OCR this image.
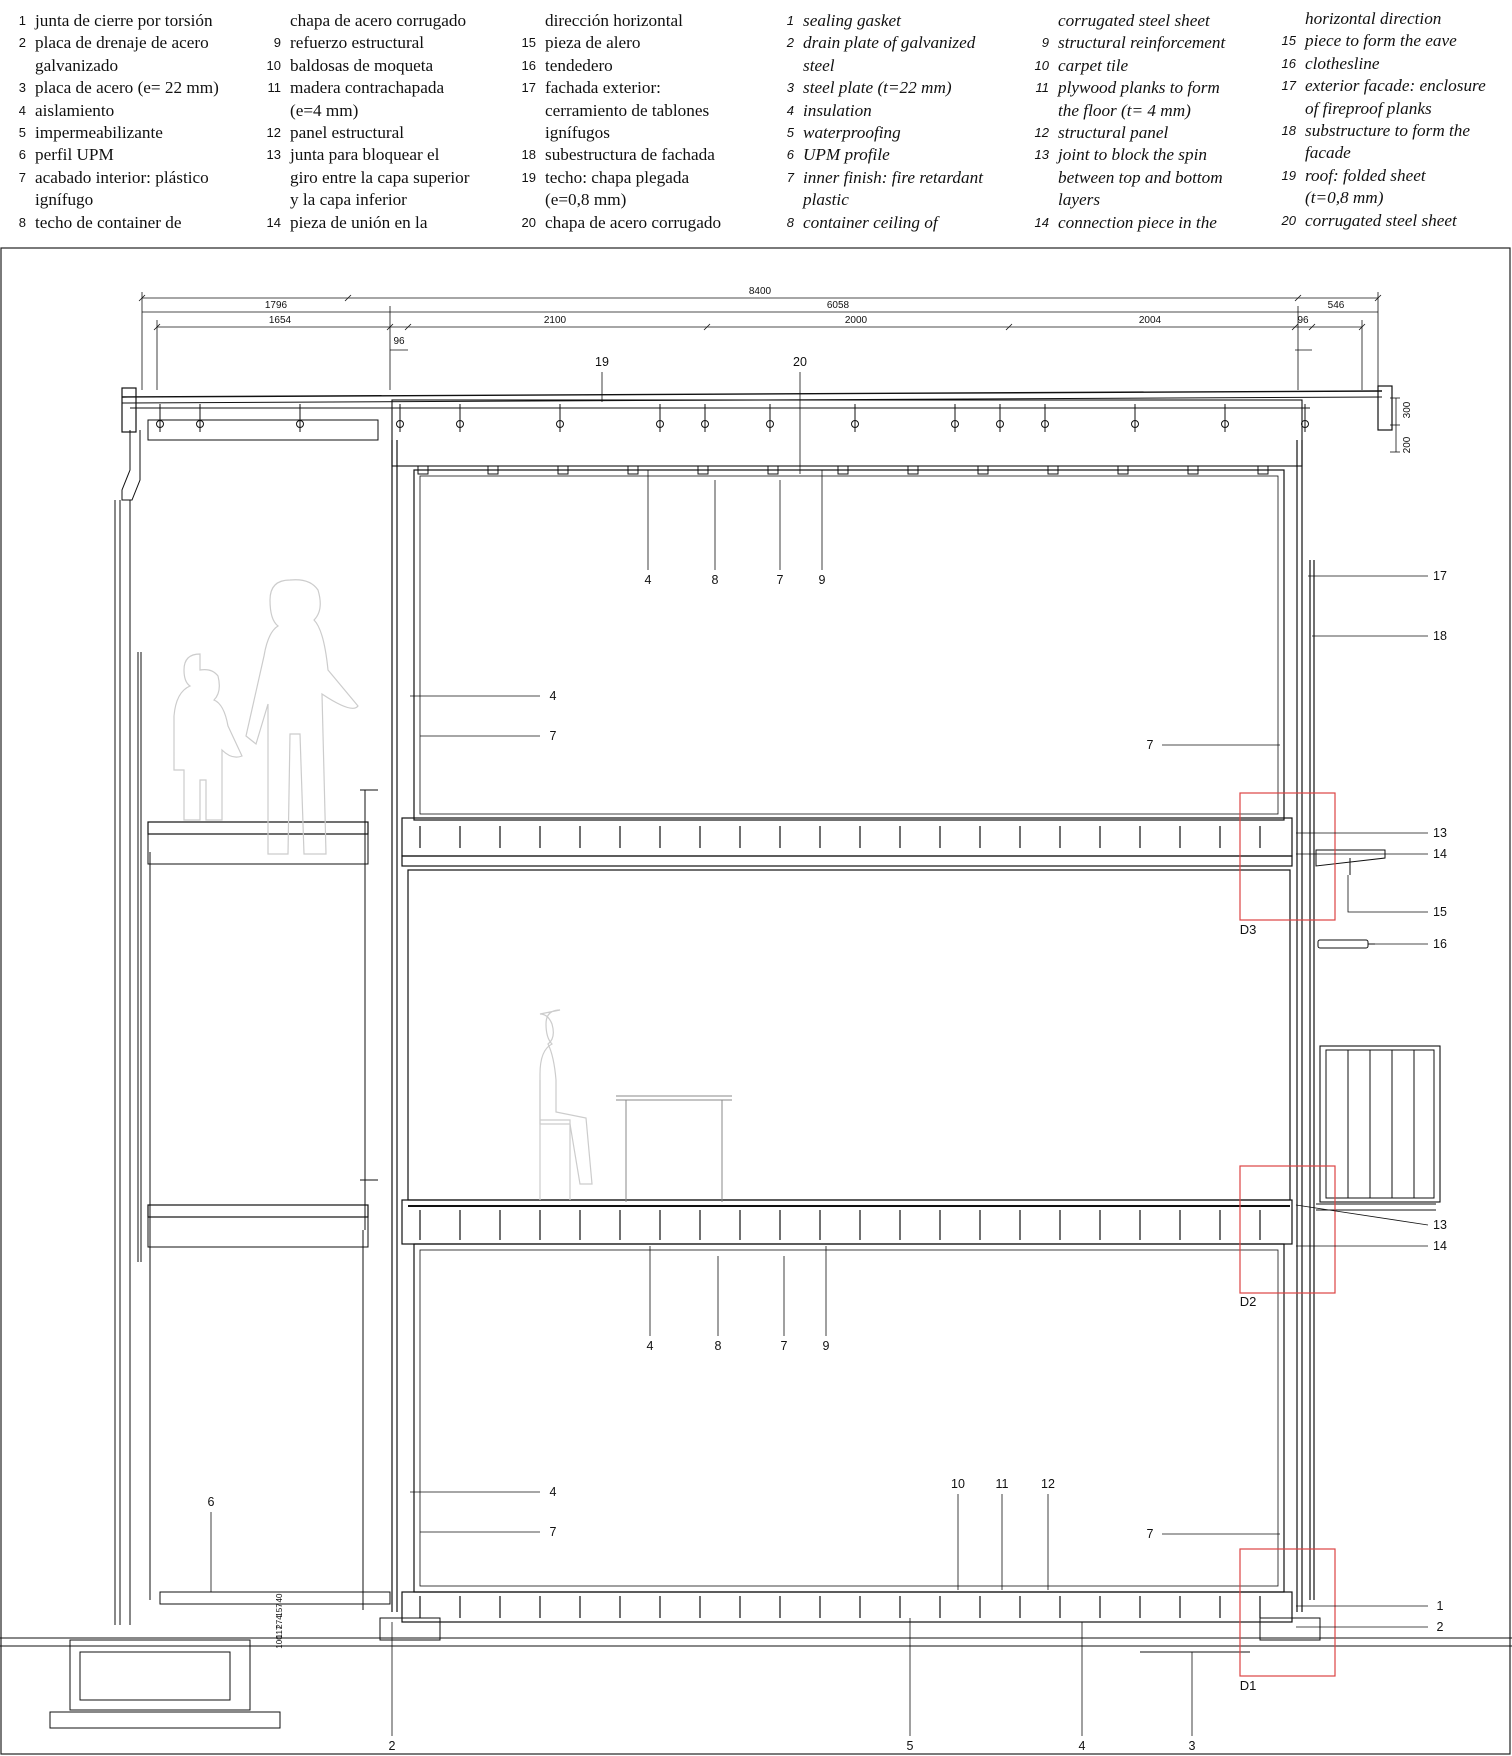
1 junta de cierre por torsión
2 placa de drenaje de acero
galvanizado
3 placa de acero (e= 22 mm)
4 aislamiento
5 impermeabilizante
6 perfil UPM
7 acabado interior: plástico
ignífugo
8 techo de container de
chapa de acero corrugado
9 refuerzo estructural
10 baldosas de moqueta
11 madera contrachapada
(e=4 mm)
12 panel estructural
13 junta para bloquear el
giro entre la capa superior
y la capa inferior
14 pieza de unión en la
dirección horizontal
15 pieza de alero
16 tendedero
17 fachada exterior:
cerramiento de tablones
ignífugos
18 subestructura de fachada
19 techo: chapa plegada
(e=0,8 mm)
20 chapa de acero corrugado
1 sealing gasket
2 drain plate of galvanized
steel
3 steel plate (t=22 mm)
4 insulation
5 waterproofing
6 UPM profile
7 inner finish: fire retardant
plastic
8 container ceiling of
corrugated steel sheet
9 structural reinforcement
10 carpet tile
11 plywood planks to form
the floor (t= 4 mm)
12 structural panel
13 joint to block the spin
between top and bottom
layers
14 connection piece in the
horizontal direction
15 piece to form the eave
16 clothesline
17 exterior facade: enclosure
of fireproof planks
18 substructure to form the
facade
19 roof: folded sheet
(t=0,8 mm)
20 corrugated steel sheet
8400
1796	6058	546
1654	2100	2000	2004
96
96
300
200
40
157
274
117
100
19	20
4	8	7	9	17
18
4
7
7
13
14
15
16
13
14
4	8	7	9
4
7
10 11	12
7
6
1
2
2	5	4	3
D3
D2
D1
